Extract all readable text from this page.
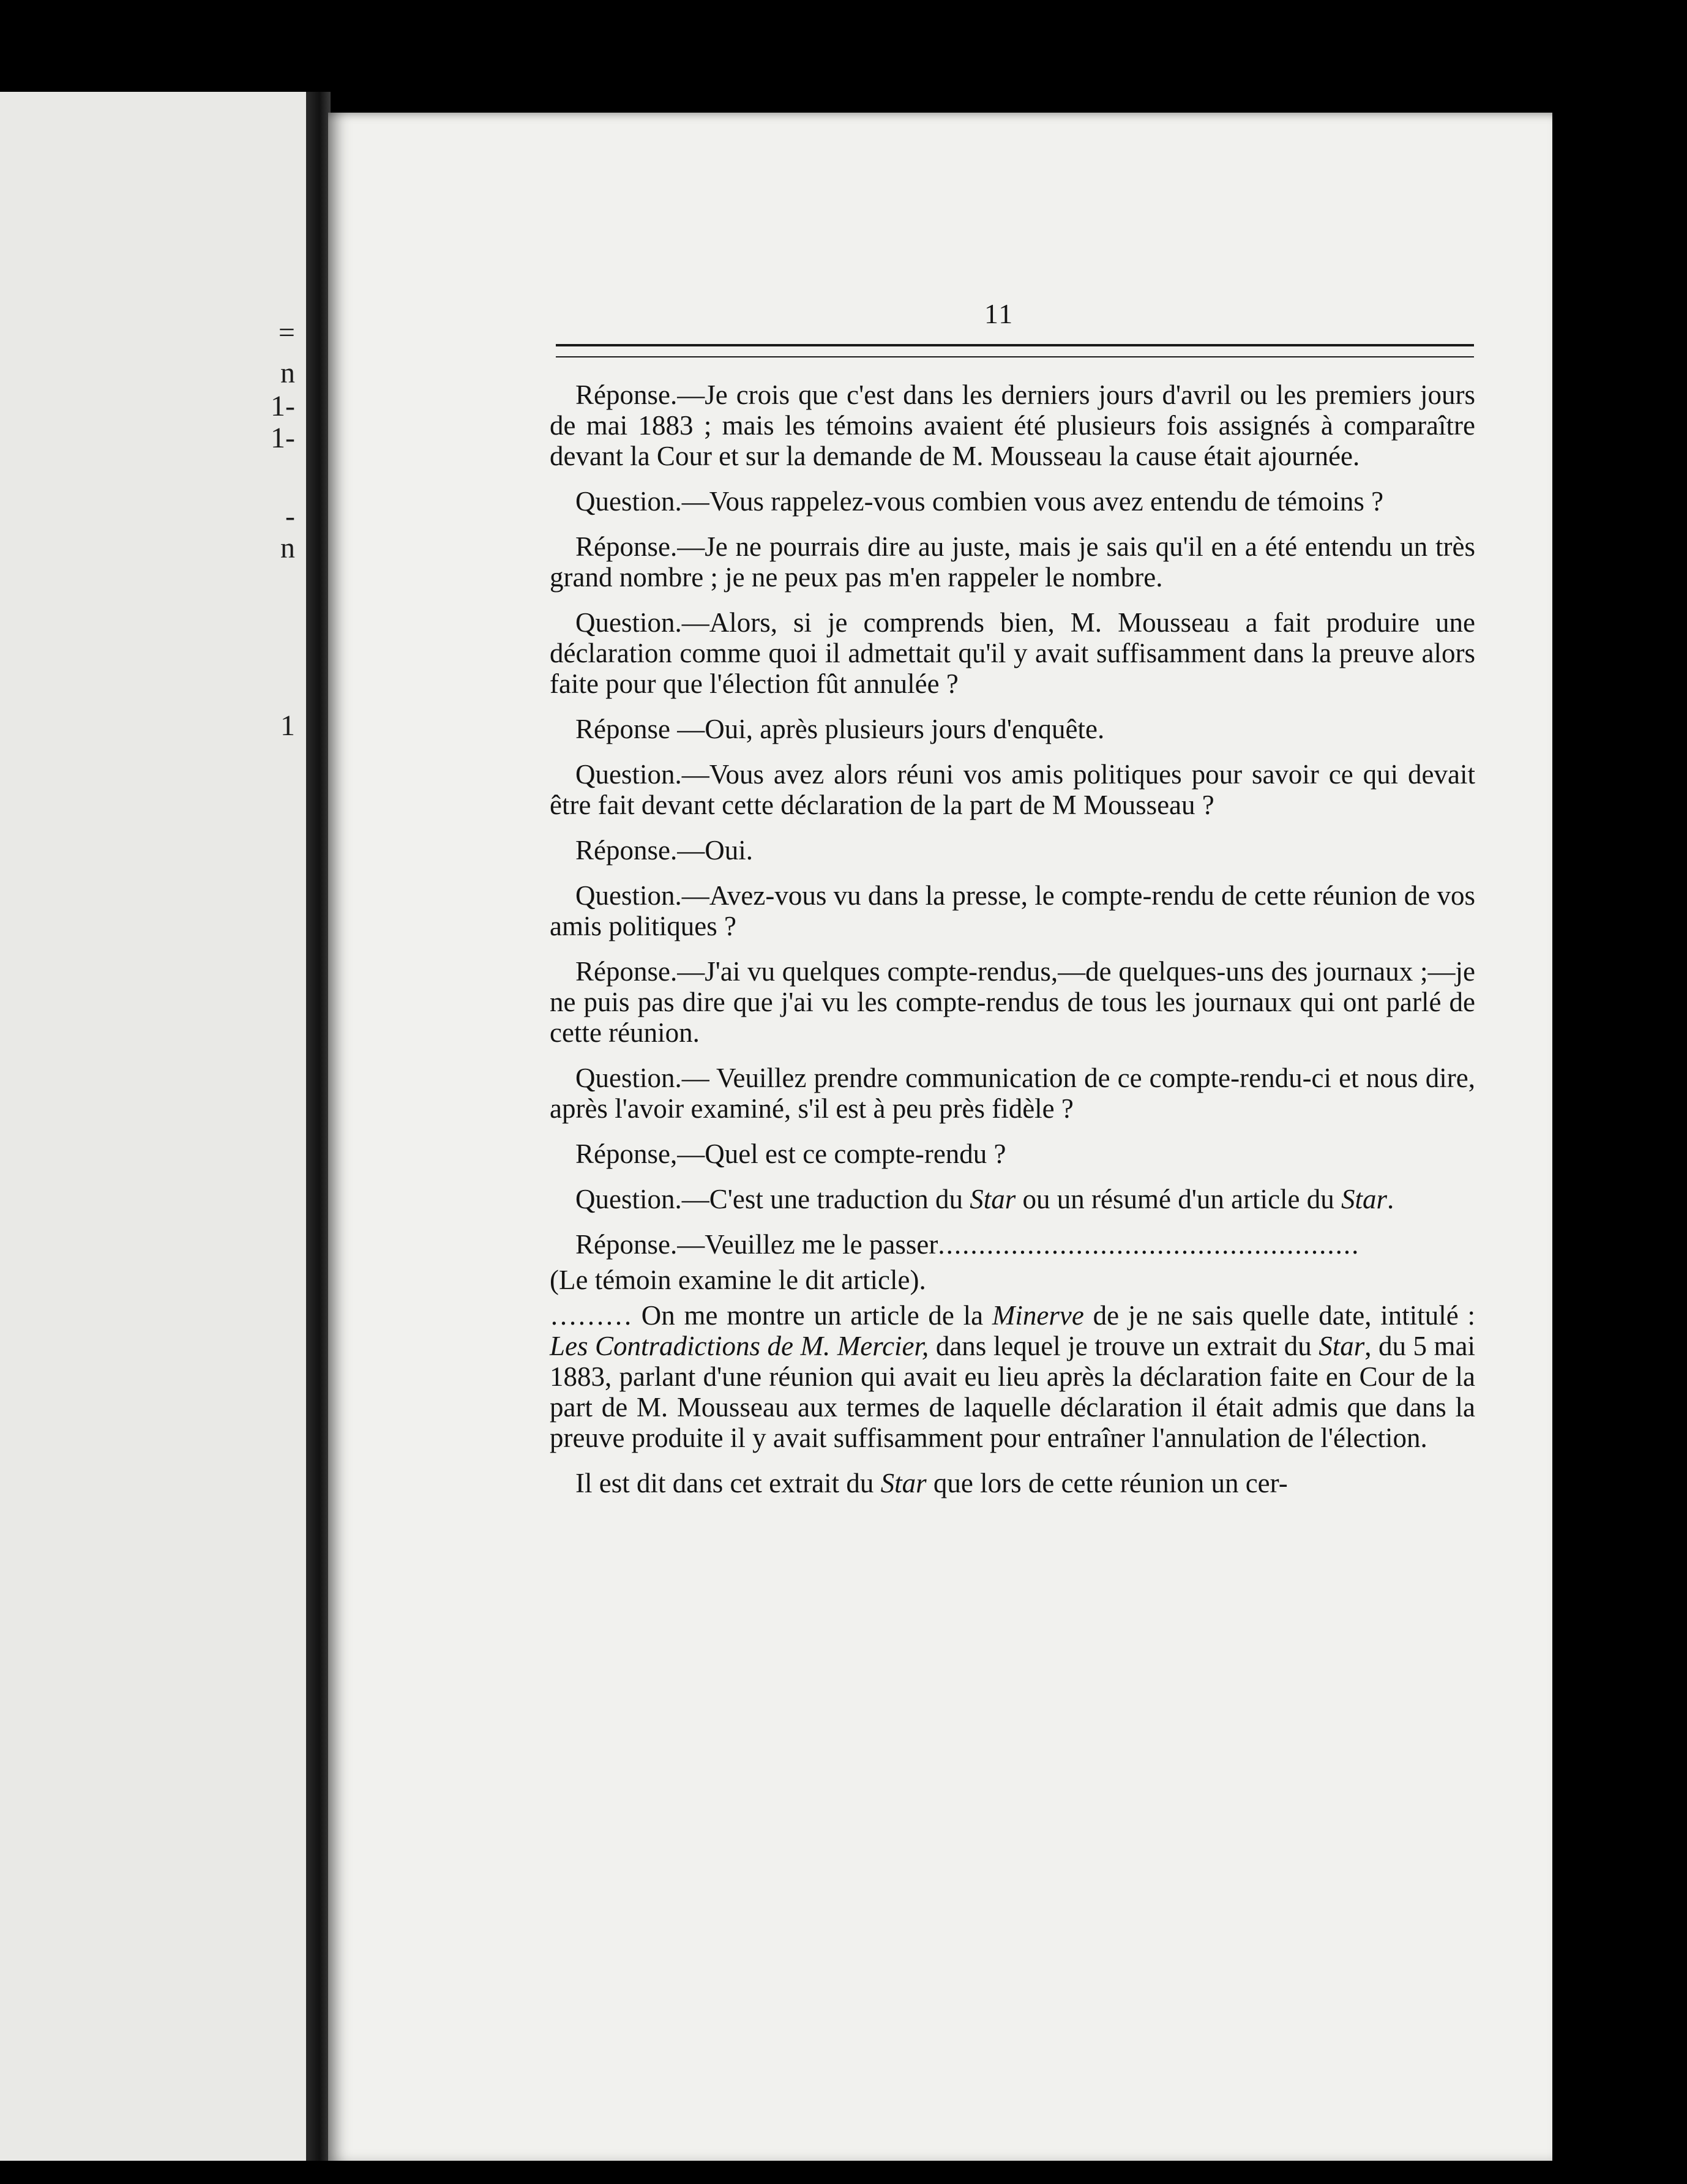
=
n
1-
1-
-
n
1
11

Réponse.—Je crois que c'est dans les derniers jours d'avril ou les premiers jours de mai 1883 ; mais les témoins avaient été plusieurs fois assignés à comparaître devant la Cour et sur la demande de M. Mousseau la cause était ajournée.

Question.—Vous rappelez-vous combien vous avez entendu de témoins ?

Réponse.—Je ne pourrais dire au juste, mais je sais qu'il en a été entendu un très grand nombre ; je ne peux pas m'en rappeler le nombre.

Question.—Alors, si je comprends bien, M. Mousseau a fait produire une déclaration comme quoi il admettait qu'il y avait suffisamment dans la preuve alors faite pour que l'élection fût annulée ?

Réponse —Oui, après plusieurs jours d'enquête.

Question.—Vous avez alors réuni vos amis politiques pour savoir ce qui devait être fait devant cette déclaration de la part de M Mousseau ?

Réponse.—Oui.

Question.—Avez-vous vu dans la presse, le compte-rendu de cette réunion de vos amis politiques ?

Réponse.—J'ai vu quelques compte-rendus,—de quelques-uns des journaux ;—je ne puis pas dire que j'ai vu les compte-rendus de tous les journaux qui ont parlé de cette réunion.

Question.— Veuillez prendre communication de ce compte-rendu-ci et nous dire, après l'avoir examiné, s'il est à peu près fidèle ?

Réponse,—Quel est ce compte-rendu ?

Question.—C'est une traduction du Star ou un résumé d'un article du Star.

Réponse.—Veuillez me le passer....................................................

(Le témoin examine le dit article).

……… On me montre un article de la Minerve de je ne sais quelle date, intitulé : Les Contradictions de M. Mercier, dans lequel je trouve un extrait du Star, du 5 mai 1883, parlant d'une réunion qui avait eu lieu après la déclaration faite en Cour de la part de M. Mousseau aux termes de laquelle déclaration il était admis que dans la preuve produite il y avait suffisamment pour entraîner l'annulation de l'élection.

Il est dit dans cet extrait du Star que lors de cette réunion un cer-
